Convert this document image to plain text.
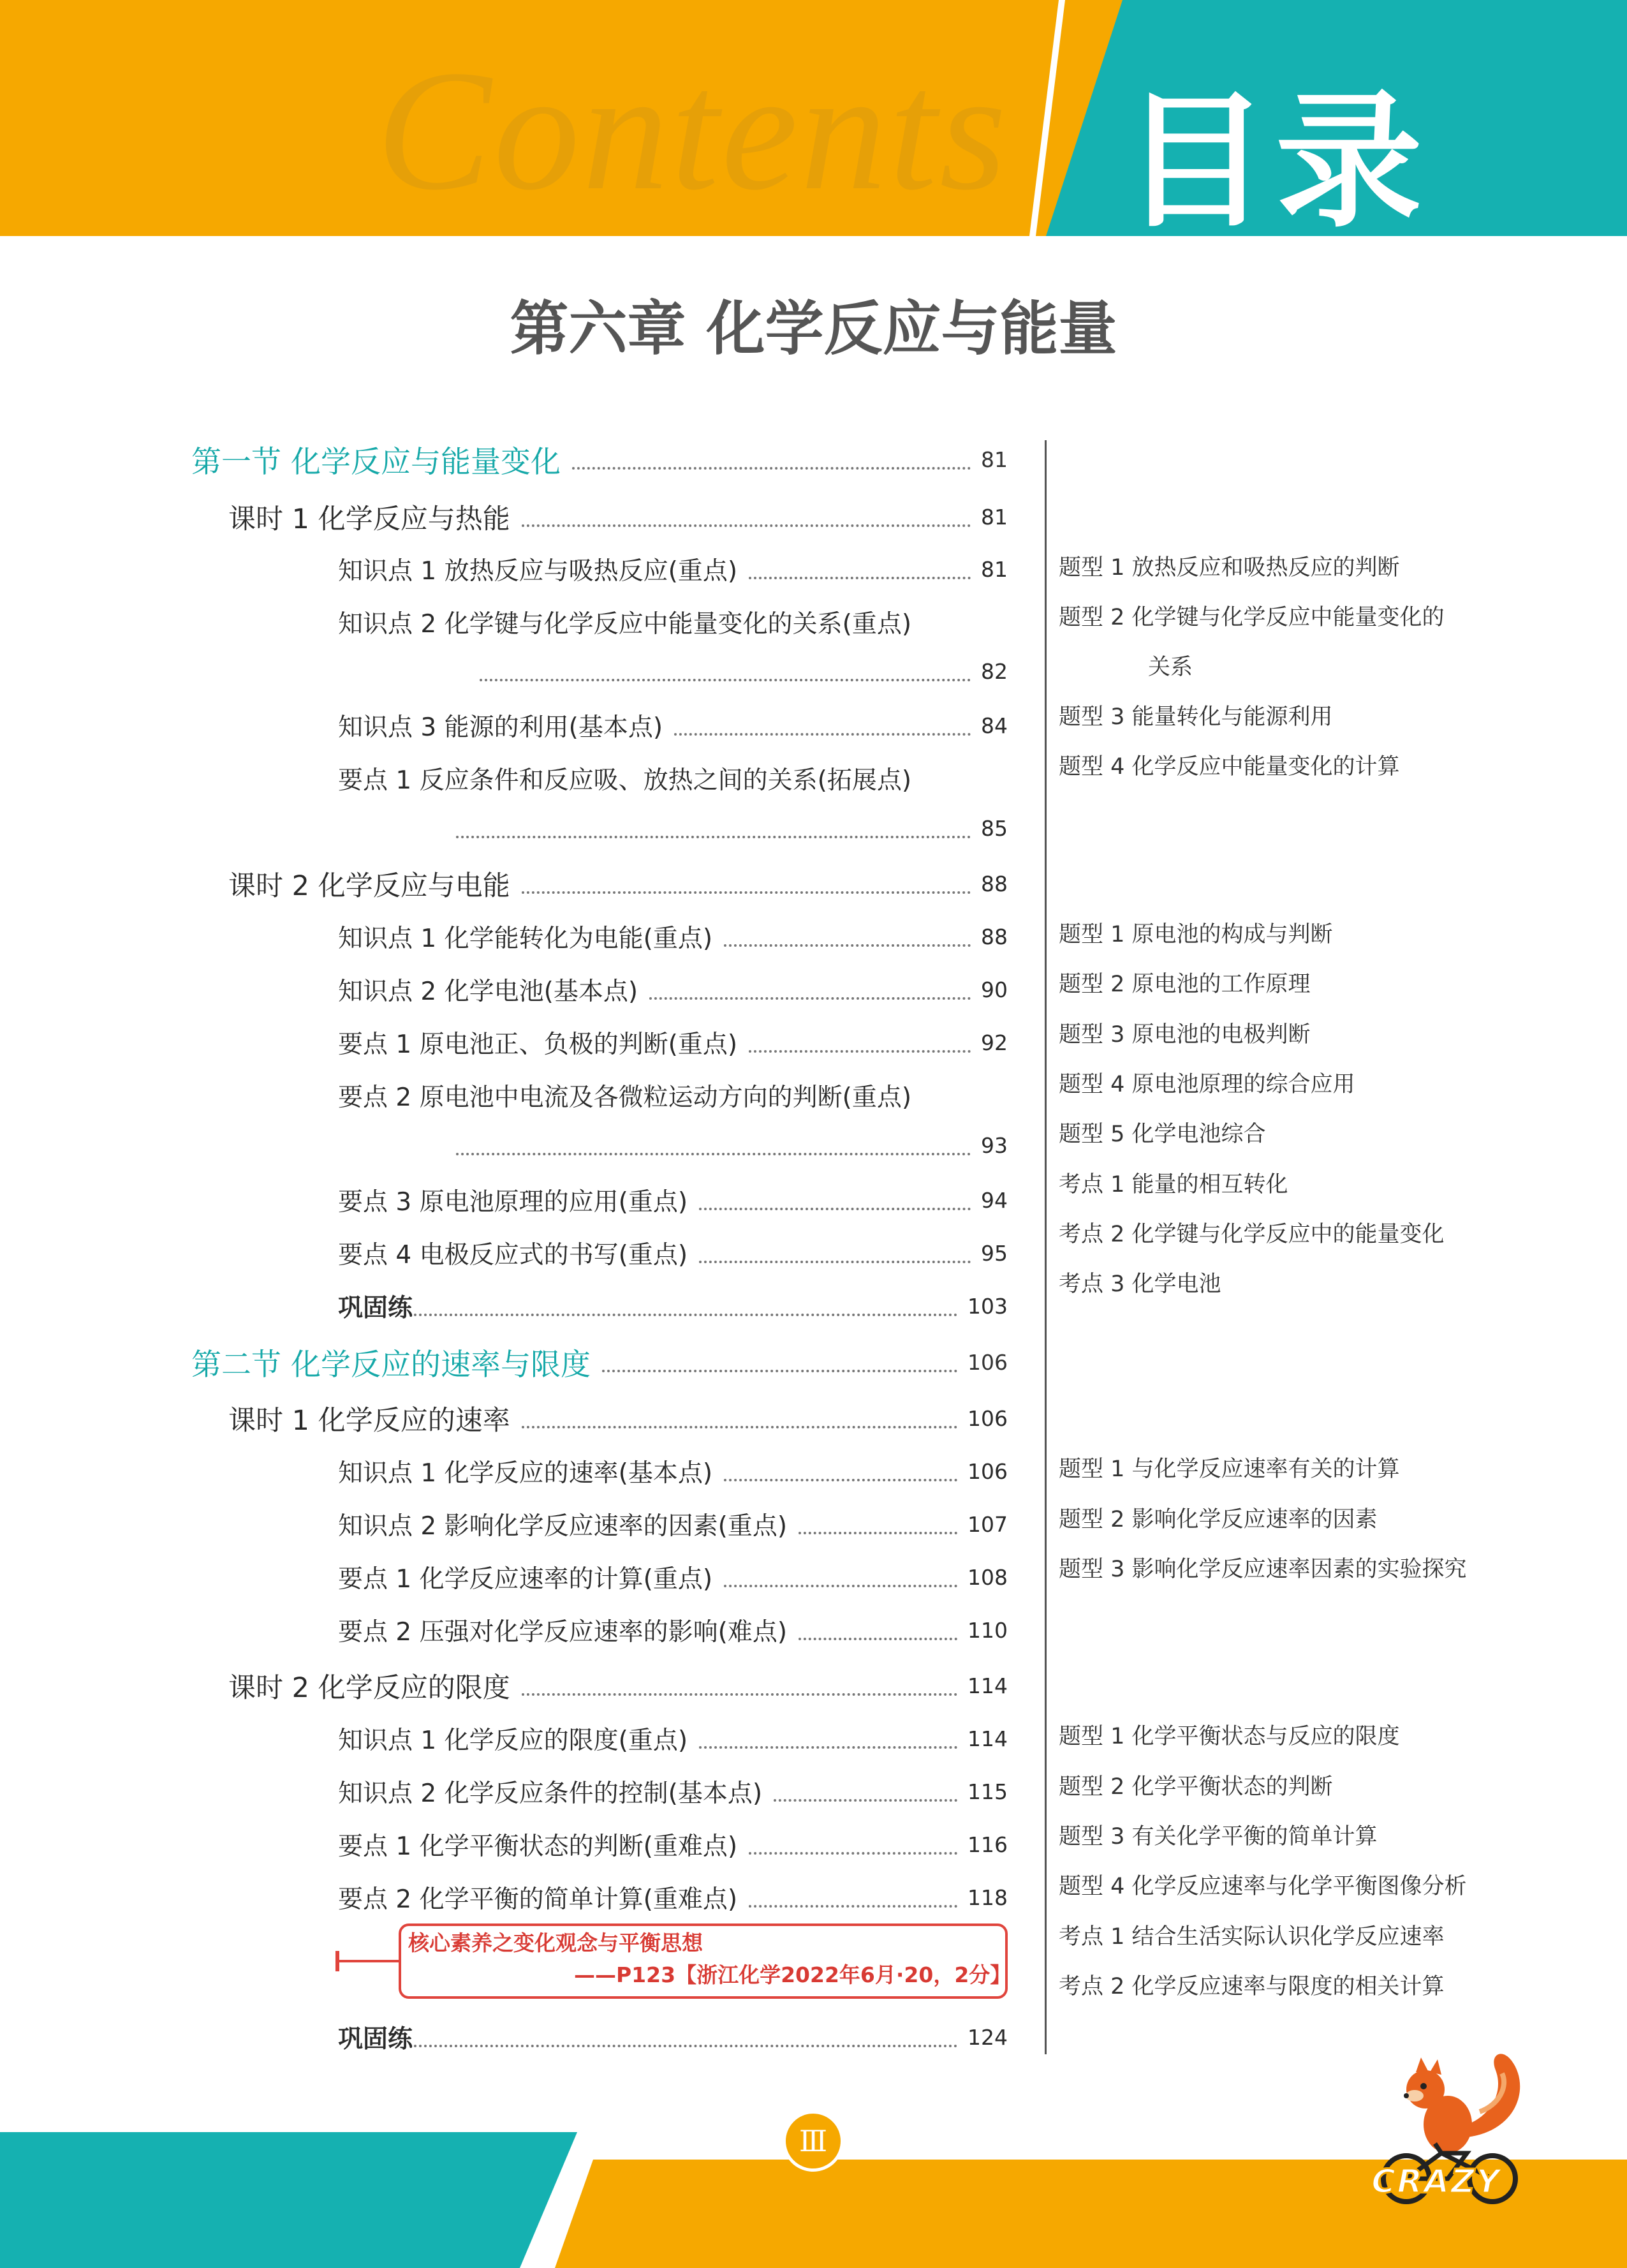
Contents 目录
第六章 化学反应与能量
第一节 化学反应与能量变化	81
课时 1 化学反应与热能	81
知识点 1 放热反应与吸热反应(重点)	81
知识点 2 化学键与化学反应中能量变化的关系(重点)
82
知识点 3 能源的利用(基本点)	84
要点 1 反应条件和反应吸、放热之间的关系(拓展点)
85
课时 2 化学反应与电能	88
知识点 1 化学能转化为电能(重点)	88
知识点 2 化学电池(基本点)	90
要点 1 原电池正、负极的判断(重点)	92
要点 2 原电池中电流及各微粒运动方向的判断(重点)
93
要点 3 原电池原理的应用(重点)	94
要点 4 电极反应式的书写(重点)	95
巩固练	103
第二节 化学反应的速率与限度	106
课时 1 化学反应的速率	106
知识点 1 化学反应的速率(基本点)	106
知识点 2 影响化学反应速率的因素(重点)	107
要点 1 化学反应速率的计算(重点)	108
要点 2 压强对化学反应速率的影响(难点)	110
课时 2 化学反应的限度	114
知识点 1 化学反应的限度(重点)	114
知识点 2 化学反应条件的控制(基本点)	115
要点 1 化学平衡状态的判断(重难点)	116
要点 2 化学平衡的简单计算(重难点)	118
核心素养之变化观念与平衡思想
——P123【浙江化学2022年6月·20，2分】
巩固练	124
题型 1 放热反应和吸热反应的判断
题型 2 化学键与化学反应中能量变化的
关系
题型 3 能量转化与能源利用
题型 4 化学反应中能量变化的计算
题型 1 原电池的构成与判断
题型 2 原电池的工作原理
题型 3 原电池的电极判断
题型 4 原电池原理的综合应用
题型 5 化学电池综合
考点 1 能量的相互转化
考点 2 化学键与化学反应中的能量变化
考点 3 化学电池
题型 1 与化学反应速率有关的计算
题型 2 影响化学反应速率的因素
题型 3 影响化学反应速率因素的实验探究
题型 1 化学平衡状态与反应的限度
题型 2 化学平衡状态的判断
题型 3 有关化学平衡的简单计算
题型 4 化学反应速率与化学平衡图像分析
考点 1 结合生活实际认识化学反应速率
考点 2 化学反应速率与限度的相关计算
Ⅲ
CRAZY
